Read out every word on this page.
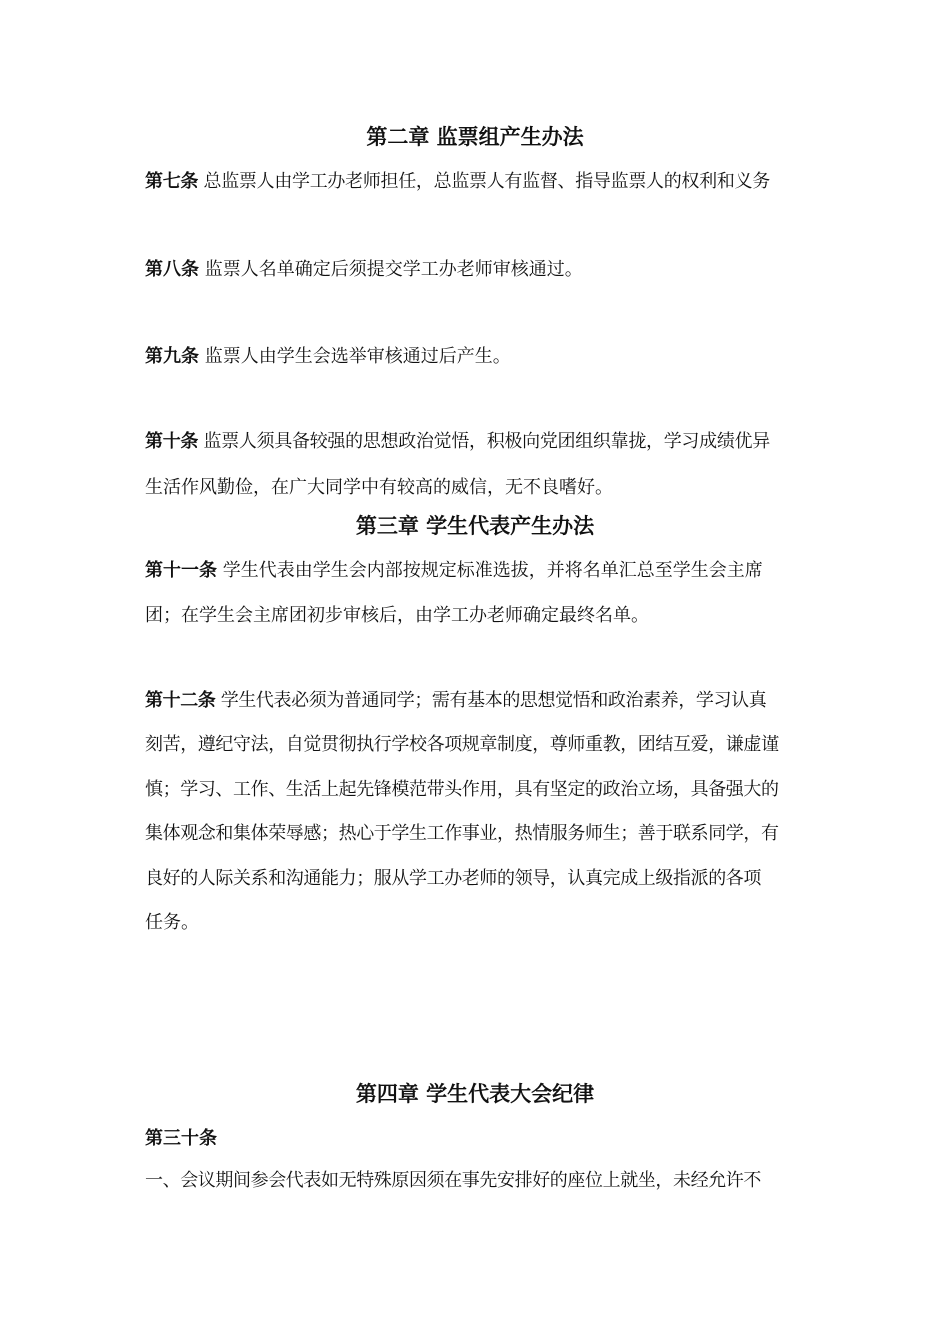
第二章 监票组产生办法

第七条 总监票人由学工办老师担任，总监票人有监督、指导监票人的权利和义务

第八条 监票人名单确定后须提交学工办老师审核通过。

第九条 监票人由学生会选举审核通过后产生。

第十条 监票人须具备较强的思想政治觉悟，积极向党团组织靠拢，学习成绩优异

生活作风勤俭，在广大同学中有较高的威信，无不良嗜好。

第三章 学生代表产生办法

第十一条 学生代表由学生会内部按规定标准选拔，并将名单汇总至学生会主席

团；在学生会主席团初步审核后，由学工办老师确定最终名单。

第十二条 学生代表必须为普通同学；需有基本的思想觉悟和政治素养，学习认真

刻苦，遵纪守法，自觉贯彻执行学校各项规章制度，尊师重教，团结互爱，谦虚谨

慎；学习、工作、生活上起先锋模范带头作用，具有坚定的政治立场，具备强大的

集体观念和集体荣辱感；热心于学生工作事业，热情服务师生；善于联系同学，有

良好的人际关系和沟通能力；服从学工办老师的领导，认真完成上级指派的各项

任务。

第四章 学生代表大会纪律

第三十条

一、会议期间参会代表如无特殊原因须在事先安排好的座位上就坐，未经允许不
